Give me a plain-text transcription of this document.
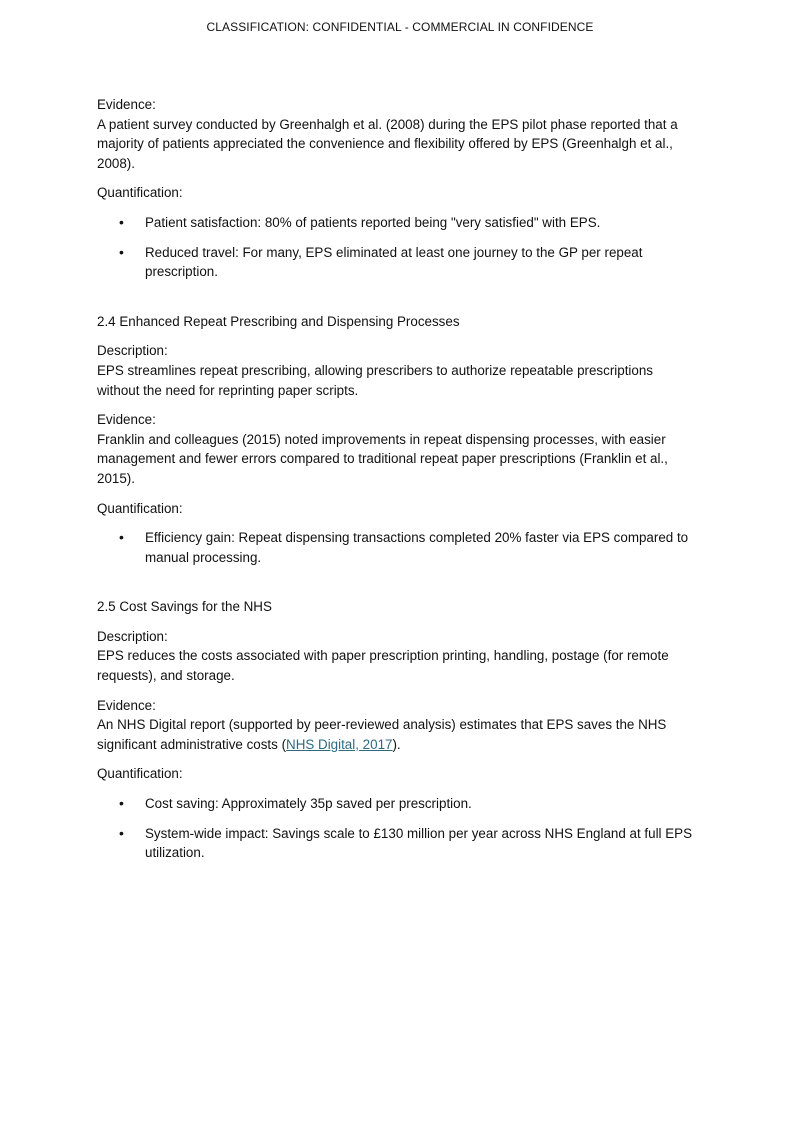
CLASSIFICATION: CONFIDENTIAL - COMMERCIAL IN CONFIDENCE

Evidence:
A patient survey conducted by Greenhalgh et al. (2008) during the EPS pilot phase reported that a majority of patients appreciated the convenience and flexibility offered by EPS (Greenhalgh et al., 2008).

Quantification:

• Patient satisfaction: 80% of patients reported being "very satisfied" with EPS.
• Reduced travel: For many, EPS eliminated at least one journey to the GP per repeat prescription.

2.4 Enhanced Repeat Prescribing and Dispensing Processes

Description:
EPS streamlines repeat prescribing, allowing prescribers to authorize repeatable prescriptions without the need for reprinting paper scripts.

Evidence:
Franklin and colleagues (2015) noted improvements in repeat dispensing processes, with easier management and fewer errors compared to traditional repeat paper prescriptions (Franklin et al., 2015).

Quantification:

• Efficiency gain: Repeat dispensing transactions completed 20% faster via EPS compared to manual processing.

2.5 Cost Savings for the NHS

Description:
EPS reduces the costs associated with paper prescription printing, handling, postage (for remote requests), and storage.

Evidence:
An NHS Digital report (supported by peer-reviewed analysis) estimates that EPS saves the NHS significant administrative costs (NHS Digital, 2017).

Quantification:

• Cost saving: Approximately 35p saved per prescription.
• System-wide impact: Savings scale to £130 million per year across NHS England at full EPS utilization.
